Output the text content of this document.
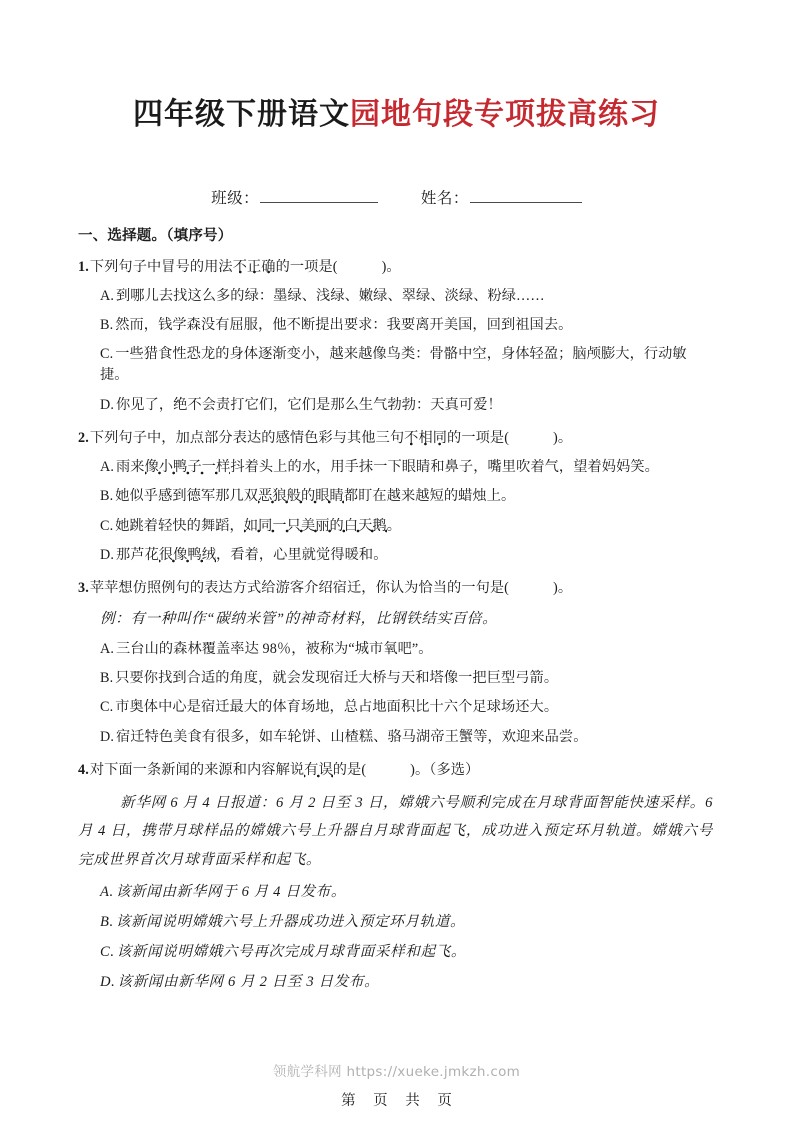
四年级下册语文园地句段专项拔高练习
班级：	姓名：
一、选择题。（填序号）
1.下列句子中冒号的用法不正确的一项是(	)。
A. 到哪儿去找这么多的绿：墨绿、浅绿、嫩绿、翠绿、淡绿、粉绿……
B. 然而，钱学森没有屈服，他不断提出要求：我要离开美国，回到祖国去。
C. 一些猎食性恐龙的身体逐渐变小，越来越像鸟类：骨骼中空，身体轻盈；脑颅膨大，行动敏捷。
D. 你见了，绝不会责打它们，它们是那么生气勃勃：天真可爱！
2.下列句子中，加点部分表达的感情色彩与其他三句不相同的一项是(	)。
A. 雨来像小鸭子一样抖着头上的水，用手抹一下眼睛和鼻子，嘴里吹着气，望着妈妈笑。
B. 她似乎感到德军那几双恶狼般的眼睛都盯在越来越短的蜡烛上。
C. 她跳着轻快的舞蹈，如同一只美丽的白天鹅。
D. 那芦花很像鸭绒，看着，心里就觉得暖和。
3.苹苹想仿照例句的表达方式给游客介绍宿迁，你认为恰当的一句是(	)。
例：有一种叫作“碳纳米管”的神奇材料，比钢铁结实百倍。
A. 三台山的森林覆盖率达 98％，被称为“城市氧吧”。
B. 只要你找到合适的角度，就会发现宿迁大桥与天和塔像一把巨型弓箭。
C. 市奥体中心是宿迁最大的体育场地，总占地面积比十六个足球场还大。
D. 宿迁特色美食有很多，如车轮饼、山楂糕、骆马湖帝王蟹等，欢迎来品尝。
4.对下面一条新闻的来源和内容解说有误的是(	)。（多选）
新华网 6 月 4 日报道：6 月 2 日至 3 日，嫦娥六号顺利完成在月球背面智能快速采样。6 月 4 日，携带月球样品的嫦娥六号上升器自月球背面起飞，成功进入预定环月轨道。嫦娥六号完成世界首次月球背面采样和起飞。
A. 该新闻由新华网于 6 月 4 日发布。
B. 该新闻说明嫦娥六号上升器成功进入预定环月轨道。
C. 该新闻说明嫦娥六号再次完成月球背面采样和起飞。
D. 该新闻由新华网 6 月 2 日至 3 日发布。
领航学科网 https://xueke.jmkzh.com
第 页 共 页
